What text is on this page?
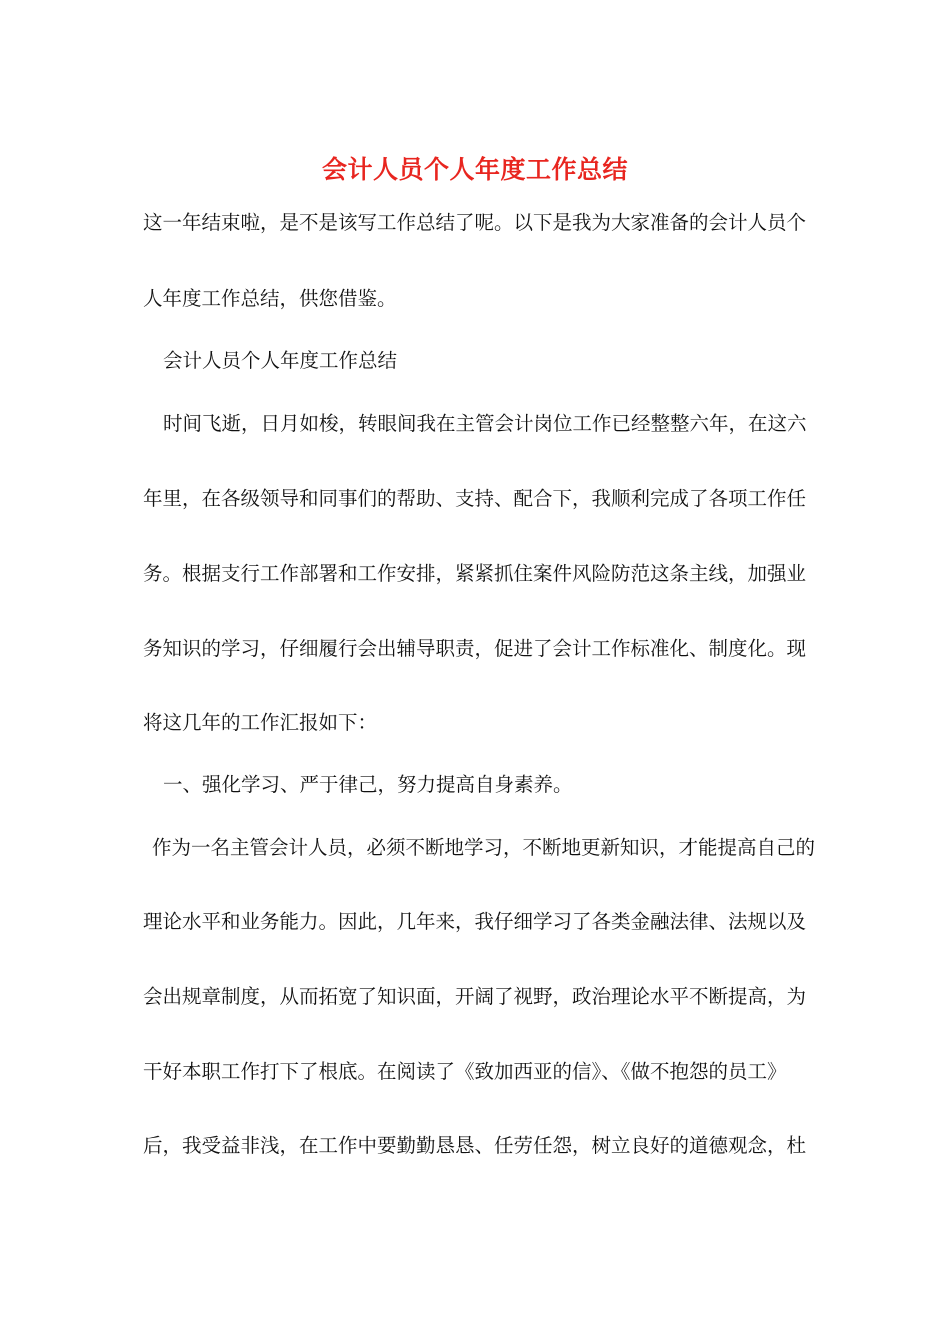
会计人员个人年度工作总结
这一年结束啦，是不是该写工作总结了呢。以下是我为大家准备的会计人员个
人年度工作总结，供您借鉴。
会计人员个人年度工作总结
时间飞逝，日月如梭，转眼间我在主管会计岗位工作已经整整六年，在这六
年里，在各级领导和同事们的帮助、支持、配合下，我顺利完成了各项工作任
务。根据支行工作部署和工作安排，紧紧抓住案件风险防范这条主线，加强业
务知识的学习，仔细履行会出辅导职责，促进了会计工作标准化、制度化。现
将这几年的工作汇报如下：
一、强化学习、严于律己，努力提高自身素养。
作为一名主管会计人员，必须不断地学习，不断地更新知识，才能提高自己的
理论水平和业务能力。因此，几年来，我仔细学习了各类金融法律、法规以及
会出规章制度，从而拓宽了知识面，开阔了视野，政治理论水平不断提高，为
干好本职工作打下了根底。在阅读了《致加西亚的信》、《做不抱怨的员工》
后，我受益非浅，在工作中要勤勤恳恳、任劳任怨，树立良好的道德观念，杜
